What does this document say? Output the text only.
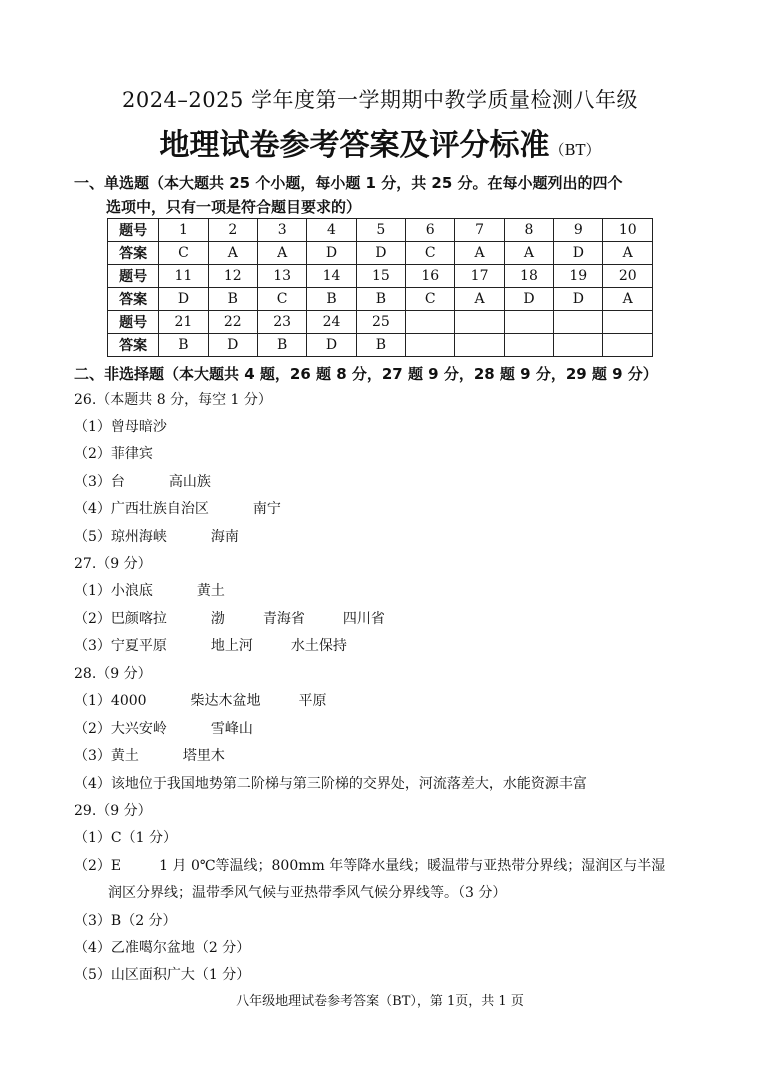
2024–2025 学年度第一学期期中教学质量检测八年级
地理试卷参考答案及评分标准（BT）
一、单选题（本大题共 25 个小题，每小题 1 分，共 25 分。在每小题列出的四个
选项中，只有一项是符合题目要求的）
题号	1	2	3	4	5	6	7	8	9	10
答案	C	A	A	D	D	C	A	A	D	A
题号	11	12	13	14	15	16	17	18	19	20
答案	D	B	C	B	B	C	A	D	D	A
题号	21	22	23	24	25					
答案	B	D	B	D	B					
二、非选择题（本大题共 4 题，26 题 8 分，27 题 9 分，28 题 9 分，29 题 9 分）
26.（本题共 8 分，每空 1 分）
（1）曾母暗沙
（2）菲律宾
（3）台	高山族
（4）广西壮族自治区	南宁
（5）琼州海峡	海南
27.（9 分）
（1）小浪底	黄土
（2）巴颜喀拉	渤	青海省	四川省
（3）宁夏平原	地上河	水土保持
28.（9 分）
（1）4000	柴达木盆地	平原
（2）大兴安岭	雪峰山
（3）黄土	塔里木
（4）该地位于我国地势第二阶梯与第三阶梯的交界处，河流落差大，水能资源丰富
29.（9 分）
（1）C（1 分）
（2）E	1 月 0℃等温线；800mm 年等降水量线；暖温带与亚热带分界线；湿润区与半湿
润区分界线；温带季风气候与亚热带季风气候分界线等。（3 分）
（3）B（2 分）
（4）乙准噶尔盆地（2 分）
（5）山区面积广大（1 分）
八年级地理试卷参考答案（BT），第 1页，共 1 页
